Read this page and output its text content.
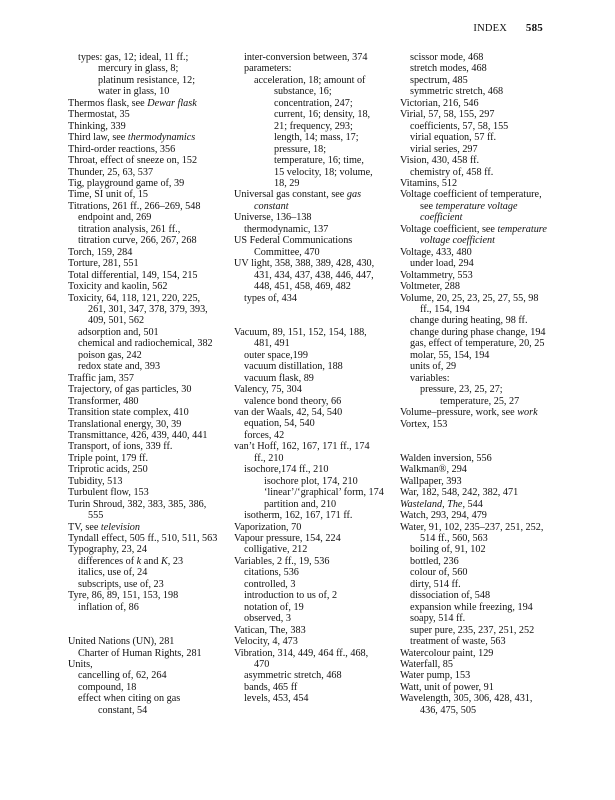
INDEX 585
types: gas, 12; ideal, 11 ff.;
mercury in glass, 8;
platinum resistance, 12;
water in glass, 10
Thermos flask, see Dewar flask
Thermostat, 35
Thinking, 339
Third law, see thermodynamics
Third-order reactions, 356
Throat, effect of sneeze on, 152
Thunder, 25, 63, 537
Tig, playground game of, 39
Time, SI unit of, 15
Titrations, 261 ff., 266–269, 548
endpoint and, 269
titration analysis, 261 ff.,
titration curve, 266, 267, 268
Torch, 159, 284
Torture, 281, 551
Total differential, 149, 154, 215
Toxicity and kaolin, 562
Toxicity, 64, 118, 121, 220, 225,
261, 301, 347, 378, 379, 393,
409, 501, 562
adsorption and, 501
chemical and radiochemical, 382
poison gas, 242
redox state and, 393
Traffic jam, 357
Trajectory, of gas particles, 30
Transformer, 480
Transition state complex, 410
Translational energy, 30, 39
Transmittance, 426, 439, 440, 441
Transport, of ions, 339 ff.
Triple point, 179 ff.
Triprotic acids, 250
Tubidity, 513
Turbulent flow, 153
Turin Shroud, 382, 383, 385, 386,
555
TV, see television
Tyndall effect, 505 ff., 510, 511, 563
Typography, 23, 24
differences of k and K, 23
italics, use of, 24
subscripts, use of, 23
Tyre, 86, 89, 151, 153, 198
inflation of, 86
United Nations (UN), 281
Charter of Human Rights, 281
Units,
cancelling of, 62, 264
compound, 18
effect when citing on gas
constant, 54
inter-conversion between, 374
parameters:
acceleration, 18; amount of
substance, 16;
concentration, 247;
current, 16; density, 18,
21; frequency, 293;
length, 14; mass, 17;
pressure, 18;
temperature, 16; time,
15 velocity, 18; volume,
18, 29
Universal gas constant, see gas
constant
Universe, 136–138
thermodynamic, 137
US Federal Communications
Committee, 470
UV light, 358, 388, 389, 428, 430,
431, 434, 437, 438, 446, 447,
448, 451, 458, 469, 482
types of, 434
Vacuum, 89, 151, 152, 154, 188,
481, 491
outer space,199
vacuum distillation, 188
vacuum flask, 89
Valency, 75, 304
valence bond theory, 66
van der Waals, 42, 54, 540
equation, 54, 540
forces, 42
van’t Hoff, 162, 167, 171 ff., 174
ff., 210
isochore,174 ff., 210
isochore plot, 174, 210
‘linear’/‘graphical’ form, 174
partition and, 210
isotherm, 162, 167, 171 ff.
Vaporization, 70
Vapour pressure, 154, 224
colligative, 212
Variables, 2 ff., 19, 536
citations, 536
controlled, 3
introduction to us of, 2
notation of, 19
observed, 3
Vatican, The, 383
Velocity, 4, 473
Vibration, 314, 449, 464 ff., 468,
470
asymmetric stretch, 468
bands, 465 ff
levels, 453, 454
scissor mode, 468
stretch modes, 468
spectrum, 485
symmetric stretch, 468
Victorian, 216, 546
Virial, 57, 58, 155, 297
coefficients, 57, 58, 155
virial equation, 57 ff.
virial series, 297
Vision, 430, 458 ff.
chemistry of, 458 ff.
Vitamins, 512
Voltage coefficient of temperature,
see temperature voltage
coefficient
Voltage coefficient, see temperature
voltage coefficient
Voltage, 433, 480
under load, 294
Voltammetry, 553
Voltmeter, 288
Volume, 20, 25, 23, 25, 27, 55, 98
ff., 154, 194
change during heating, 98 ff.
change during phase change, 194
gas, effect of temperature, 20, 25
molar, 55, 154, 194
units of, 29
variables:
pressure, 23, 25, 27;
temperature, 25, 27
Volume–pressure, work, see work
Vortex, 153
Walden inversion, 556
Walkman®, 294
Wallpaper, 393
War, 182, 548, 242, 382, 471
Wasteland, The, 544
Watch, 293, 294, 479
Water, 91, 102, 235–237, 251, 252,
514 ff., 560, 563
boiling of, 91, 102
bottled, 236
colour of, 560
dirty, 514 ff.
dissociation of, 548
expansion while freezing, 194
soapy, 514 ff.
super pure, 235, 237, 251, 252
treatment of waste, 563
Watercolour paint, 129
Waterfall, 85
Water pump, 153
Watt, unit of power, 91
Wavelength, 305, 306, 428, 431,
436, 475, 505
